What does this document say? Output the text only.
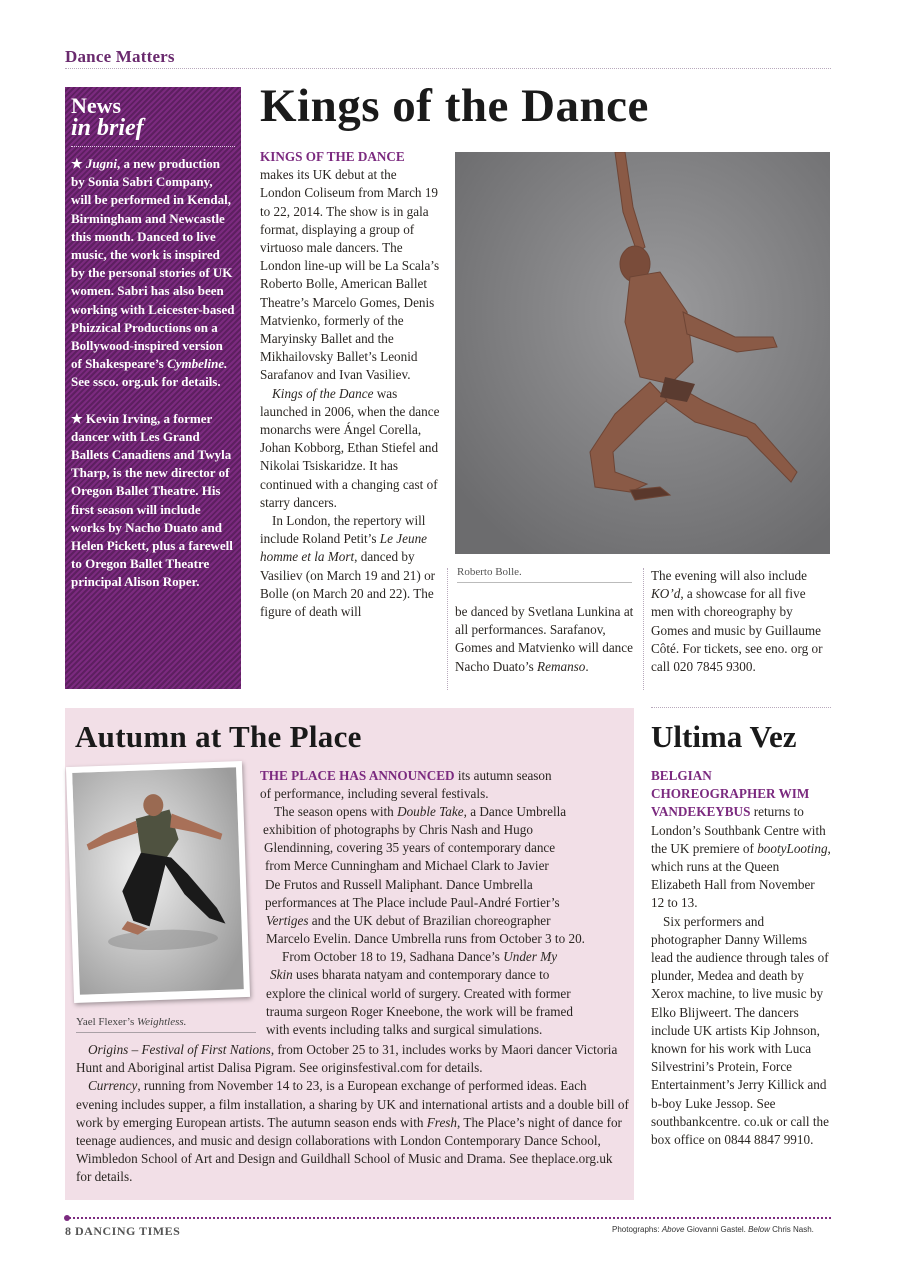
Dance Matters
News
in brief

★ Jugni, a new production by Sonia Sabri Company, will be performed in Kendal, Birmingham and Newcastle this month. Danced to live music, the work is inspired by the personal stories of UK women. Sabri has also been working with Leicester-based Phizzical Productions on a Bollywood-inspired version of Shakespeare’s Cymbeline. See ssco. org.uk for details.

★ Kevin Irving, a former dancer with Les Grand Ballets Canadiens and Twyla Tharp, is the new director of Oregon Ballet Theatre. His first season will include works by Nacho Duato and Helen Pickett, plus a farewell to Oregon Ballet Theatre principal Alison Roper.

Kings of the Dance

KINGS OF THE DANCE makes its UK debut at the London Coliseum from March 19 to 22, 2014. The show is in gala format, displaying a group of virtuoso male dancers. The London line-up will be La Scala’s Roberto Bolle, American Ballet Theatre’s Marcelo Gomes, Denis Matvienko, formerly of the Maryinsky Ballet and the Mikhailovsky Ballet’s Leonid Sarafanov and Ivan Vasiliev.

Kings of the Dance was launched in 2006, when the dance monarchs were Ángel Corella, Johan Kobborg, Ethan Stiefel and Nikolai Tsiskaridze. It has continued with a changing cast of starry dancers.

In London, the repertory will include Roland Petit’s Le Jeune homme et la Mort, danced by Vasiliev (on March 19 and 21) or Bolle (on March 20 and 22). The figure of death will

Roberto Bolle.

be danced by Svetlana Lunkina at all performances. Sarafanov, Gomes and Matvienko will dance Nacho Duato’s Remanso.

The evening will also include KO’d, a showcase for all five men with choreography by Gomes and music by Guillaume Côté. For tickets, see eno. org or call 020 7845 9300.

Autumn at The Place
Yael Flexer’s Weightless.
THE PLACE HAS ANNOUNCED its autumn season
of performance, including several festivals.
The season opens with Double Take, a Dance Umbrella
exhibition of photographs by Chris Nash and Hugo
Glendinning, covering 35 years of contemporary dance
from Merce Cunningham and Michael Clark to Javier
De Frutos and Russell Maliphant. Dance Umbrella
performances at The Place include Paul-André Fortier’s
Vertiges and the UK debut of Brazilian choreographer
Marcelo Evelin. Dance Umbrella runs from October 3 to 20.
From October 18 to 19, Sadhana Dance’s Under My
Skin uses bharata natyam and contemporary dance to
explore the clinical world of surgery. Created with former
trauma surgeon Roger Kneebone, the work will be framed
with events including talks and surgical simulations.

Origins – Festival of First Nations, from October 25 to 31, includes works by Maori dancer Victoria Hunt and Aboriginal artist Dalisa Pigram. See originsfestival.com for details.

Currency, running from November 14 to 23, is a European exchange of performed ideas. Each evening includes supper, a film installation, a sharing by UK and international artists and a double bill of work by emerging European artists. The autumn season ends with Fresh, The Place’s night of dance for teenage audiences, and music and design collaborations with London Contemporary Dance School, Wimbledon School of Art and Design and Guildhall School of Music and Drama. See theplace.org.uk for details.

Ultima Vez

BELGIAN CHOREOGRAPHER WIM VANDEKEYBUS returns to London’s Southbank Centre with the UK premiere of bootyLooting, which runs at the Queen Elizabeth Hall from November 12 to 13.

Six performers and photographer Danny Willems lead the audience through tales of plunder, Medea and death by Xerox machine, to live music by Elko Blijweert. The dancers include UK artists Kip Johnson, known for his work with Luca Silvestrini’s Protein, Force Entertainment’s Jerry Killick and b-boy Luke Jessop. See southbankcentre. co.uk or call the box office on 0844 8847 9910.

8 DANCING TIMES	Photographs: Above Giovanni Gastel. Below Chris Nash.
